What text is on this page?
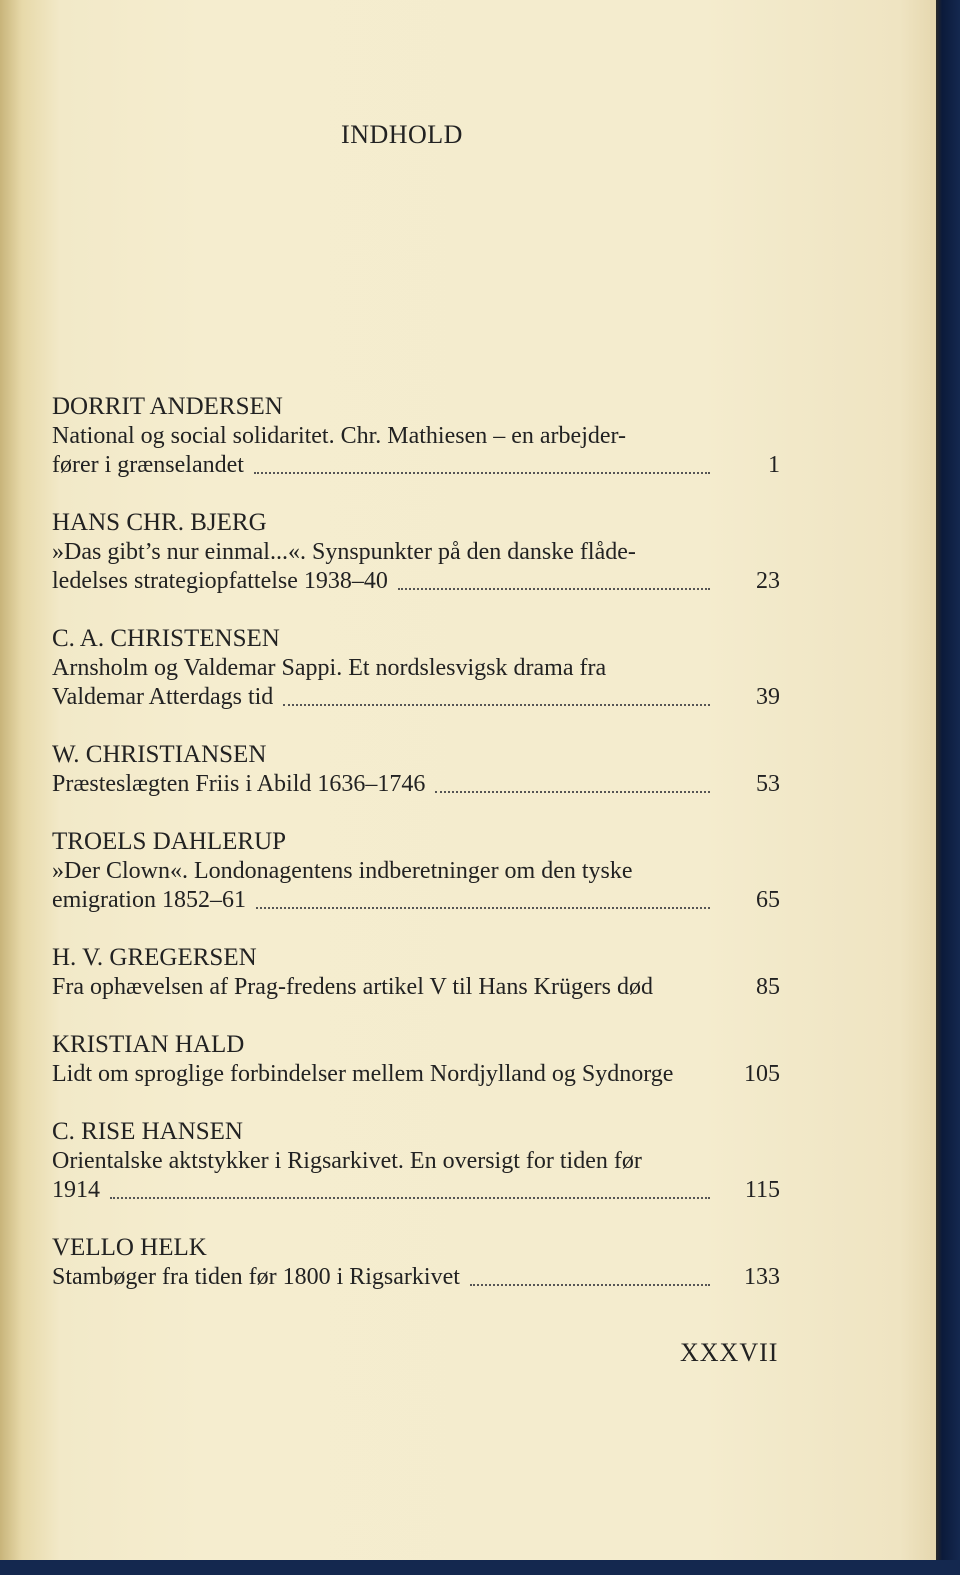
INDHOLD
DORRIT ANDERSEN
National og social solidaritet. Chr. Mathiesen – en arbejder-
fører i grænselandet	1
HANS CHR. BJERG
»Das gibt’s nur einmal...«. Synspunkter på den danske flåde-
ledelses strategiopfattelse 1938–40	23
C. A. CHRISTENSEN
Arnsholm og Valdemar Sappi. Et nordslesvigsk drama fra
Valdemar Atterdags tid	39
W. CHRISTIANSEN
Præsteslægten Friis i Abild 1636–1746	53
TROELS DAHLERUP
»Der Clown«. Londonagentens indberetninger om den tyske
emigration 1852–61	65
H. V. GREGERSEN
Fra ophævelsen af Prag-fredens artikel V til Hans Krügers død	85
KRISTIAN HALD
Lidt om sproglige forbindelser mellem Nordjylland og Sydnorge	105
C. RISE HANSEN
Orientalske aktstykker i Rigsarkivet. En oversigt for tiden før
1914	115
VELLO HELK
Stambøger fra tiden før 1800 i Rigsarkivet	133
XXXVII
